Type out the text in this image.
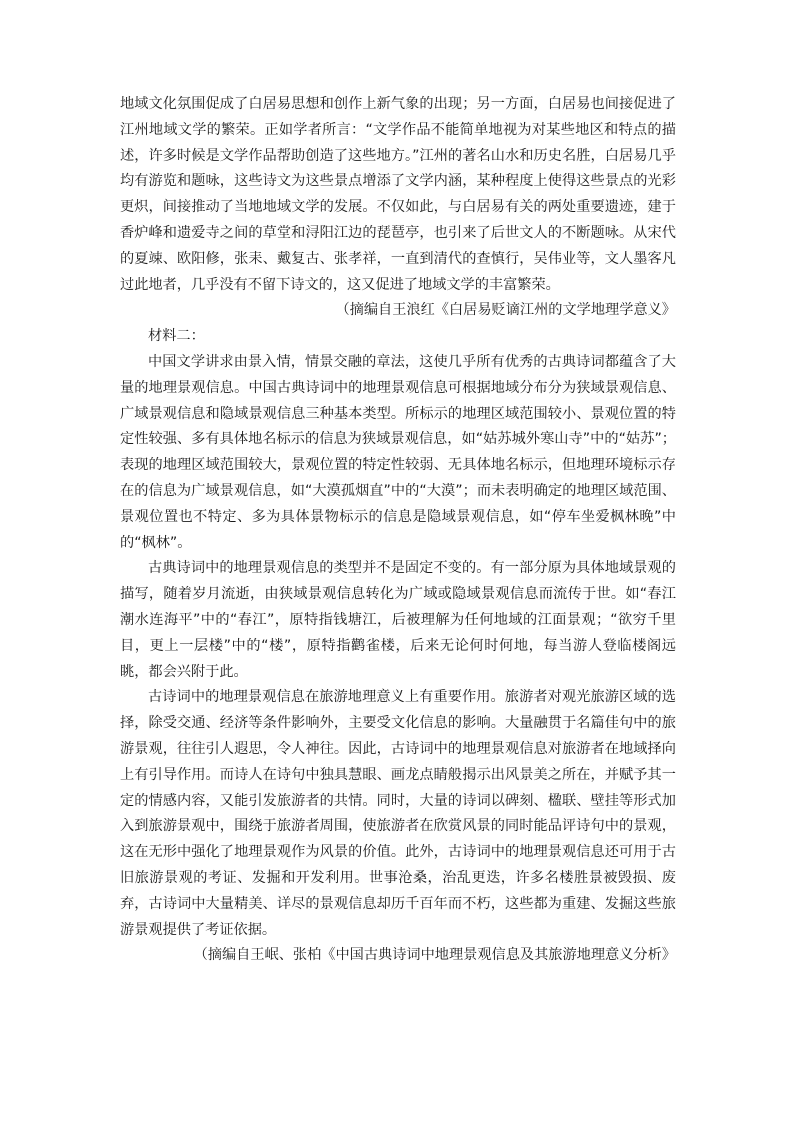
地域文化氛围促成了白居易思想和创作上新气象的出现；另一方面，白居易也间接促进了江州地域文学的繁荣。正如学者所言：“文学作品不能简单地视为对某些地区和特点的描述，许多时候是文学作品帮助创造了这些地方。”江州的著名山水和历史名胜，白居易几乎均有游览和题咏，这些诗文为这些景点增添了文学内涵，某种程度上使得这些景点的光彩更炽，间接推动了当地地域文学的发展。不仅如此，与白居易有关的两处重要遗迹，建于香炉峰和遗爱寺之间的草堂和浔阳江边的琵琶亭，也引来了后世文人的不断题咏。从宋代的夏竦、欧阳修，张耒、戴复古、张孝祥，一直到清代的查慎行，吴伟业等，文人墨客凡过此地者，几乎没有不留下诗文的，这又促进了地域文学的丰富繁荣。

（摘编自王浪红《白居易贬谪江州的文学地理学意义》

材料二：

中国文学讲求由景入情，情景交融的章法，这使几乎所有优秀的古典诗词都蕴含了大量的地理景观信息。中国古典诗词中的地理景观信息可根据地域分布分为狭域景观信息、广域景观信息和隐域景观信息三种基本类型。所标示的地理区域范围较小、景观位置的特定性较强、多有具体地名标示的信息为狭域景观信息，如“姑苏城外寒山寺”中的“姑苏”；表现的地理区域范围较大，景观位置的特定性较弱、无具体地名标示，但地理环境标示存在的信息为广域景观信息，如“大漠孤烟直”中的“大漠”；而未表明确定的地理区域范围、景观位置也不特定、多为具体景物标示的信息是隐域景观信息，如“停车坐爱枫林晚”中的“枫林”。

古典诗词中的地理景观信息的类型并不是固定不变的。有一部分原为具体地域景观的描写，随着岁月流逝，由狭域景观信息转化为广域或隐域景观信息而流传于世。如“春江潮水连海平”中的“春江”，原特指钱塘江，后被理解为任何地域的江面景观；“欲穷千里目，更上一层楼”中的“楼”，原特指鹳雀楼，后来无论何时何地，每当游人登临楼阁远眺，都会兴附于此。

古诗词中的地理景观信息在旅游地理意义上有重要作用。旅游者对观光旅游区域的选择，除受交通、经济等条件影响外，主要受文化信息的影响。大量融贯于名篇佳句中的旅游景观，往往引人遐思，令人神往。因此，古诗词中的地理景观信息对旅游者在地域择向上有引导作用。而诗人在诗句中独具慧眼、画龙点睛般揭示出风景美之所在，并赋予其一定的情感内容，又能引发旅游者的共情。同时，大量的诗词以碑刻、楹联、壁挂等形式加入到旅游景观中，围绕于旅游者周围，使旅游者在欣赏风景的同时能品评诗句中的景观，这在无形中强化了地理景观作为风景的价值。此外，古诗词中的地理景观信息还可用于古旧旅游景观的考证、发掘和开发利用。世事沧桑，治乱更迭，许多名楼胜景被毁损、废弃，古诗词中大量精美、详尽的景观信息却历千百年而不朽，这些都为重建、发掘这些旅游景观提供了考证依据。

（摘编自王岷、张柏《中国古典诗词中地理景观信息及其旅游地理意义分析》
